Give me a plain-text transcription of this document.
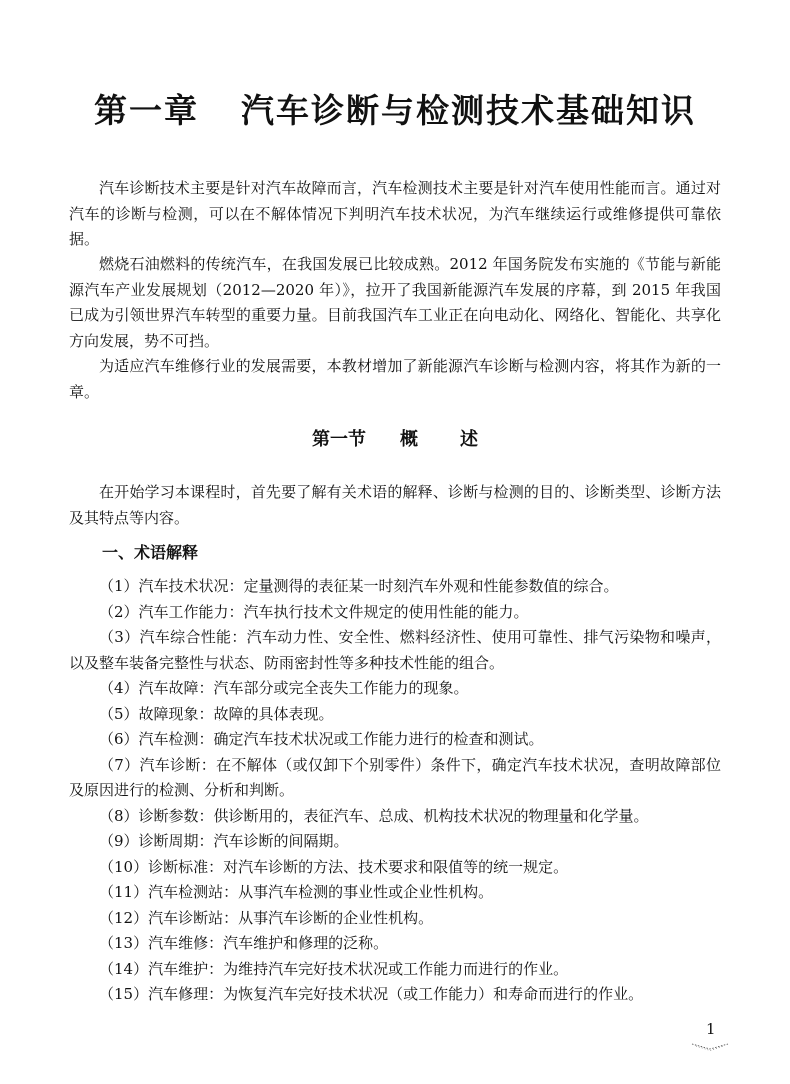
第一章 汽车诊断与检测技术基础知识

汽车诊断技术主要是针对汽车故障而言，汽车检测技术主要是针对汽车使用性能而言。通过对汽车的诊断与检测，可以在不解体情况下判明汽车技术状况，为汽车继续运行或维修提供可靠依据。

燃烧石油燃料的传统汽车，在我国发展已比较成熟。2012 年国务院发布实施的《节能与新能源汽车产业发展规划（2012—2020 年）》，拉开了我国新能源汽车发展的序幕，到 2015 年我国已成为引领世界汽车转型的重要力量。目前我国汽车工业正在向电动化、网络化、智能化、共享化方向发展，势不可挡。

为适应汽车维修行业的发展需要，本教材增加了新能源汽车诊断与检测内容，将其作为新的一章。

第一节 概 述

在开始学习本课程时，首先要了解有关术语的解释、诊断与检测的目的、诊断类型、诊断方法及其特点等内容。

一、术语解释
（1）汽车技术状况：定量测得的表征某一时刻汽车外观和性能参数值的综合。
（2）汽车工作能力：汽车执行技术文件规定的使用性能的能力。
（3）汽车综合性能：汽车动力性、安全性、燃料经济性、使用可靠性、排气污染物和噪声，以及整车装备完整性与状态、防雨密封性等多种技术性能的组合。
（4）汽车故障：汽车部分或完全丧失工作能力的现象。
（5）故障现象：故障的具体表现。
（6）汽车检测：确定汽车技术状况或工作能力进行的检查和测试。
（7）汽车诊断：在不解体（或仅卸下个别零件）条件下，确定汽车技术状况，查明故障部位及原因进行的检测、分析和判断。
（8）诊断参数：供诊断用的，表征汽车、总成、机构技术状况的物理量和化学量。
（9）诊断周期：汽车诊断的间隔期。
（10）诊断标准：对汽车诊断的方法、技术要求和限值等的统一规定。
（11）汽车检测站：从事汽车检测的事业性或企业性机构。
（12）汽车诊断站：从事汽车诊断的企业性机构。
（13）汽车维修：汽车维护和修理的泛称。
（14）汽车维护：为维持汽车完好技术状况或工作能力而进行的作业。
（15）汽车修理：为恢复汽车完好技术状况（或工作能力）和寿命而进行的作业。
1
